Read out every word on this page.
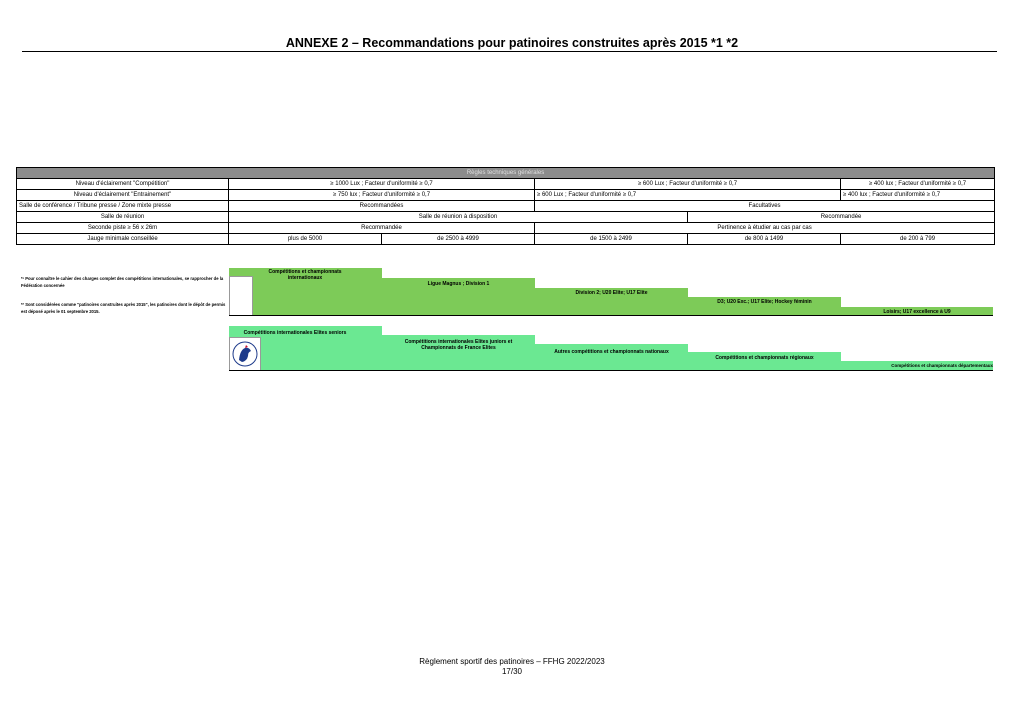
ANNEXE 2 – Recommandations pour patinoires construites après 2015 *1 *2
Règles techniques générales					
Niveau d'éclairement "Compétition"	≥ 1000 Lux ; Facteur d'uniformité ≥ 0,7		≥ 600 Lux ; Facteur d'uniformité ≥ 0,7		≥ 400 lux ; Facteur d'uniformité ≥ 0,7
Niveau d'éclairement "Entrainement"	≥ 750 lux ; Facteur d'uniformité ≥ 0,7		≥ 600 Lux ; Facteur d'uniformité ≥ 0,7		≥ 400 lux ; Facteur d'uniformité ≥ 0,7
Salle de conférence / Tribune presse / Zone mixte presse	Recommandées		Facultatives		
Salle de réunion	Salle de réunion à disposition			Recommandée	
Seconde piste ≥ 56 x 26m	Recommandée		Pertinence à étudier au cas par cas		
Jauge minimale conseillée	plus de 5000	de 2500 à 4999	de 1500 à 2499	de 800 à 1499	de 200 à 799

*¹ Pour connaître le cahier des charges complet des compétitions internationales, se rapprocher de la Fédération concernée

*² Sont considérées comme "patinoires construites après 2015", les patinoires dont le dépôt de permis est déposé après le 01 septembre 2015.

Compétitions et championnats internationaux
Ligue Magnus ; Division 1
Division 2; U20 Elite; U17 Elite
D3; U20 Exc.; U17 Elite; Hockey féminin
Loisirs; U17 excellence à U9
Compétitions internationales Elites seniors
Compétitions internationales Elites juniors et Championnats de France Elites
Autres compétitions et championnats nationaux
Compétitions et championnats régionaux
Compétitions et championnats départementaux
Règlement sportif des patinoires – FFHG 2022/2023
17/30
